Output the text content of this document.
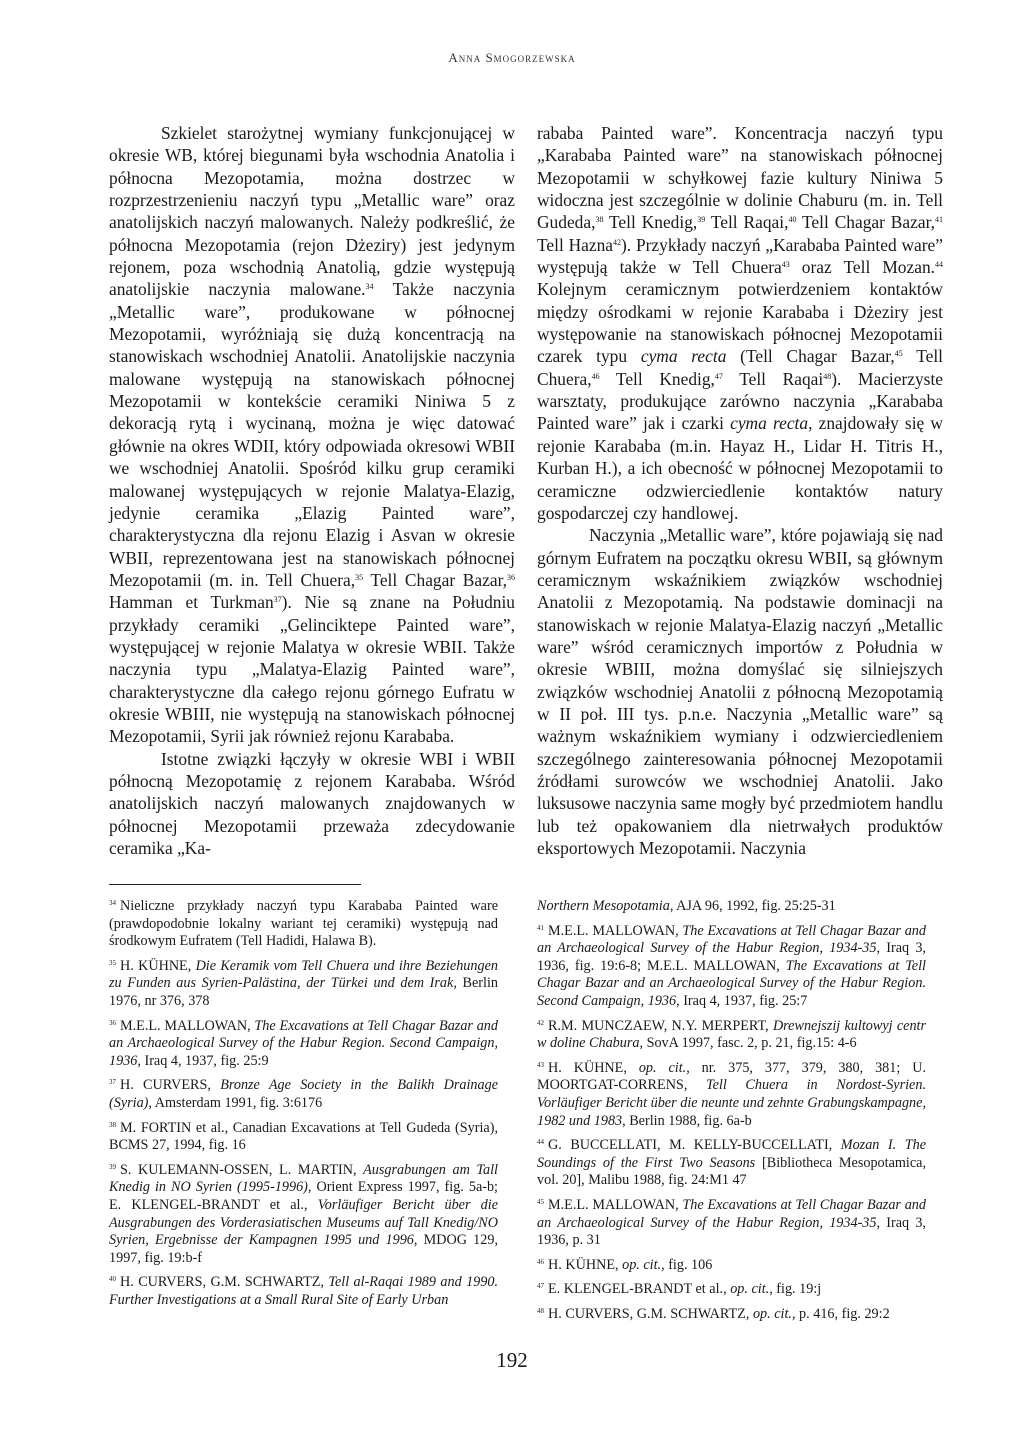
Anna Smogorzewska

Szkielet starożytnej wymiany funkcjonującej w okresie WB, której biegunami była wschodnia Anatolia i północna Mezopotamia, można dostrzec w rozprzestrzenieniu naczyń typu „Metallic ware” oraz anatolijskich naczyń malowanych. Należy podkreślić, że północna Mezopotamia (rejon Dżeziry) jest jedynym rejonem, poza wschodnią Anatolią, gdzie występują anatolijskie naczynia malowane.$^{34}$ Także naczynia „Metallic ware”, produkowane w północnej Mezopotamii, wyróżniają się dużą koncentracją na stanowiskach wschodniej Anatolii. Anatolijskie naczynia malowane występują na stanowiskach północnej Mezopotamii w kontekście ceramiki Niniwa 5 z dekoracją rytą i wycinaną, można je więc datować głównie na okres WDII, który odpowiada okresowi WBII we wschodniej Anatolii. Spośród kilku grup ceramiki malowanej występujących w rejonie Malatya-Elazig, jedynie ceramika „Elazig Painted ware”, charakterystyczna dla rejonu Elazig i Asvan w okresie WBII, reprezentowana jest na stanowiskach północnej Mezopotamii (m. in. Tell Chuera,$^{35}$ Tell Chagar Bazar,$^{36}$ Hamman et Turkman$^{37}$). Nie są znane na Południu przykłady ceramiki „Gelinciktepe Painted ware”, występującej w rejonie Malatya w okresie WBII. Także naczynia typu „Malatya-Elazig Painted ware”, charakterystyczne dla całego rejonu górnego Eufratu w okresie WBIII, nie występują na stanowiskach północnej Mezopotamii, Syrii jak również rejonu Karababa.

Istotne związki łączyły w okresie WBI i WBII północną Mezopotamię z rejonem Karababa. Wśród anatolijskich naczyń malowanych znajdowanych w północnej Mezopotamii przeważa zdecydowanie ceramika „Ka-

rababa Painted ware”. Koncentracja naczyń typu „Karababa Painted ware” na stanowiskach północnej Mezopotamii w schyłkowej fazie kultury Niniwa 5 widoczna jest szczególnie w dolinie Chaburu (m. in. Tell Gudeda,$^{38}$ Tell Knedig,$^{39}$ Tell Raqai,$^{40}$ Tell Chagar Bazar,$^{41}$ Tell Hazna$^{42}$). Przykłady naczyń „Karababa Painted ware” występują także w Tell Chuera$^{43}$ oraz Tell Mozan.$^{44}$ Kolejnym ceramicznym potwierdzeniem kontaktów między ośrodkami w rejonie Karababa i Dżeziry jest występowanie na stanowiskach północnej Mezopotamii czarek typu cyma recta (Tell Chagar Bazar,$^{45}$ Tell Chuera,$^{46}$ Tell Knedig,$^{47}$ Tell Raqai$^{48}$). Macierzyste warsztaty, produkujące zarówno naczynia „Karababa Painted ware” jak i czarki cyma recta, znajdowały się w rejonie Karababa (m.in. Hayaz H., Lidar H. Titris H., Kurban H.), a ich obecność w północnej Mezopotamii to ceramiczne odzwierciedlenie kontaktów natury gospodarczej czy handlowej.

Naczynia „Metallic ware”, które pojawiają się nad górnym Eufratem na początku okresu WBII, są głównym ceramicznym wskaźnikiem związków wschodniej Anatolii z Mezopotamią. Na podstawie dominacji na stanowiskach w rejonie Malatya-Elazig naczyń „Metallic ware” wśród ceramicznych importów z Południa w okresie WBIII, można domyślać się silniejszych związków wschodniej Anatolii z północną Mezopotamią w II poł. III tys. p.n.e. Naczynia „Metallic ware” są ważnym wskaźnikiem wymiany i odzwierciedleniem szczególnego zainteresowania północnej Mezopotamii źródłami surowców we wschodniej Anatolii. Jako luksusowe naczynia same mogły być przedmiotem handlu lub też opakowaniem dla nietrwałych produktów eksportowych Mezopotamii. Naczynia

$^{34}$ Nieliczne przykłady naczyń typu Karababa Painted ware (prawdopodobnie lokalny wariant tej ceramiki) występują nad środkowym Eufratem (Tell Hadidi, Halawa B).

$^{35}$ H. KÜHNE, Die Keramik vom Tell Chuera und ihre Beziehungen zu Funden aus Syrien-Palästina, der Türkei und dem Irak, Berlin 1976, nr 376, 378

$^{36}$ M.E.L. MALLOWAN, The Excavations at Tell Chagar Bazar and an Archaeological Survey of the Habur Region. Second Campaign, 1936, Iraq 4, 1937, fig. 25:9

$^{37}$ H. CURVERS, Bronze Age Society in the Balikh Drainage (Syria), Amsterdam 1991, fig. 3:6176

$^{38}$ M. FORTIN et al., Canadian Excavations at Tell Gudeda (Syria), BCMS 27, 1994, fig. 16

$^{39}$ S. KULEMANN-OSSEN, L. MARTIN, Ausgrabungen am Tall Knedig in NO Syrien (1995-1996), Orient Express 1997, fig. 5a-b; E. KLENGEL-BRANDT et al., Vorläufiger Bericht über die Ausgrabungen des Vorderasiatischen Museums auf Tall Knedig/NO Syrien, Ergebnisse der Kampagnen 1995 und 1996, MDOG 129, 1997, fig. 19:b-f

$^{40}$ H. CURVERS, G.M. SCHWARTZ, Tell al-Raqai 1989 and 1990. Further Investigations at a Small Rural Site of Early Urban

Northern Mesopotamia, AJA 96, 1992, fig. 25:25-31

$^{41}$ M.E.L. MALLOWAN, The Excavations at Tell Chagar Bazar and an Archaeological Survey of the Habur Region, 1934-35, Iraq 3, 1936, fig. 19:6-8; M.E.L. MALLOWAN, The Excavations at Tell Chagar Bazar and an Archaeological Survey of the Habur Region. Second Campaign, 1936, Iraq 4, 1937, fig. 25:7

$^{42}$ R.M. MUNCZAEW, N.Y. MERPERT, Drewnejszij kultowyj centr w doline Chabura, SovA 1997, fasc. 2, p. 21, fig.15: 4-6

$^{43}$ H. KÜHNE, op. cit., nr. 375, 377, 379, 380, 381; U. MOORTGAT-CORRENS, Tell Chuera in Nordost-Syrien. Vorläufiger Bericht über die neunte und zehnte Grabungskampagne, 1982 und 1983, Berlin 1988, fig. 6a-b

$^{44}$ G. BUCCELLATI, M. KELLY-BUCCELLATI, Mozan I. The Soundings of the First Two Seasons [Bibliotheca Mesopotamica, vol. 20], Malibu 1988, fig. 24:M1 47

$^{45}$ M.E.L. MALLOWAN, The Excavations at Tell Chagar Bazar and an Archaeological Survey of the Habur Region, 1934-35, Iraq 3, 1936, p. 31

$^{46}$ H. KÜHNE, op. cit., fig. 106

$^{47}$ E. KLENGEL-BRANDT et al., op. cit., fig. 19:j

$^{48}$ H. CURVERS, G.M. SCHWARTZ, op. cit., p. 416, fig. 29:2

192
